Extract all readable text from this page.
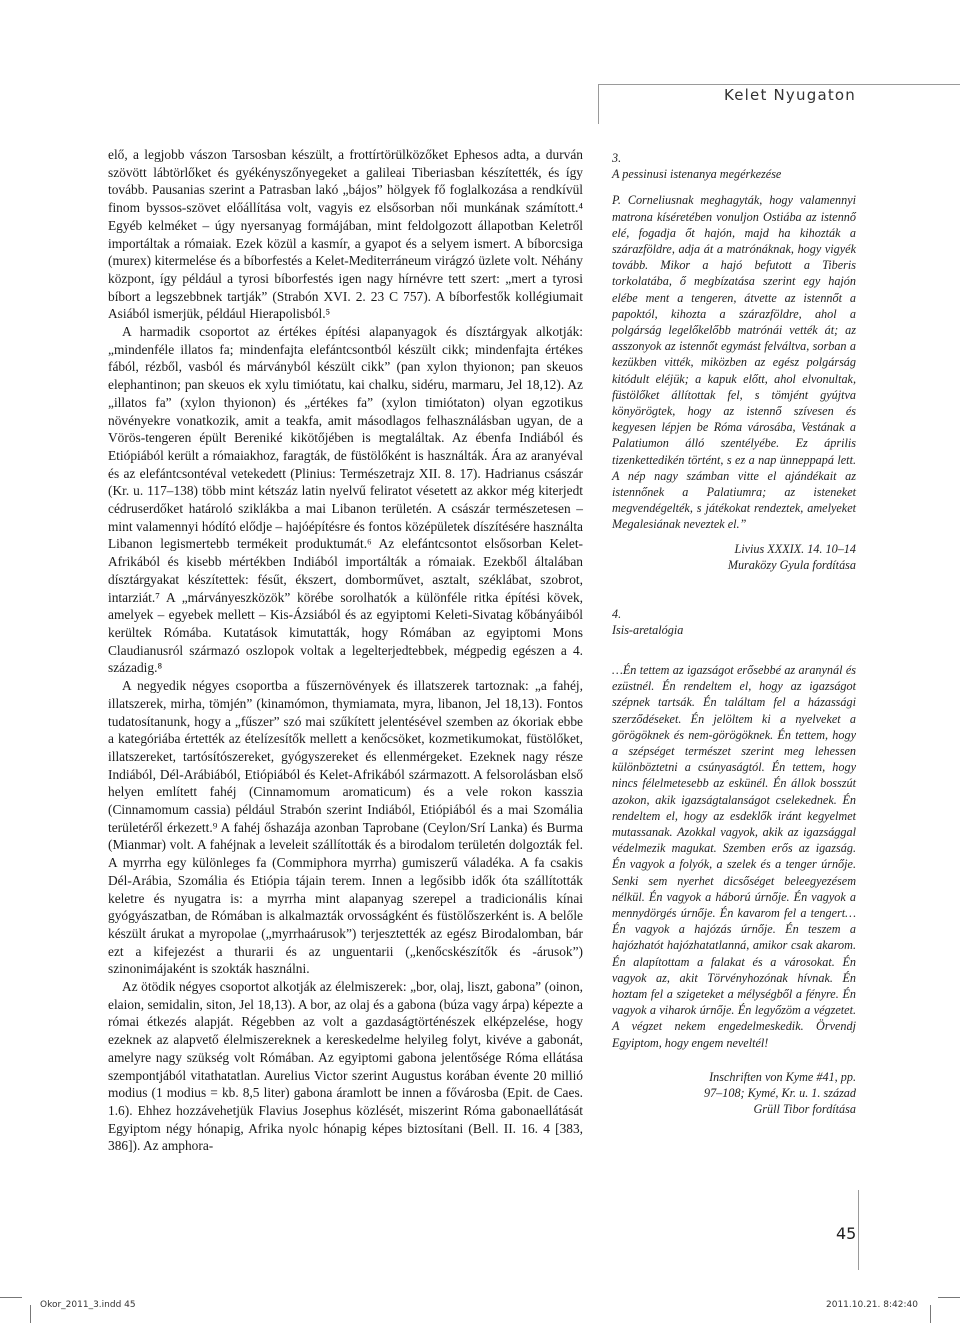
Kelet Nyugaton

elő, a legjobb vászon Tarsosban készült, a frottírtörülközőket Ephesos adta, a durván szövött lábtörlőket és gyékényszőnyegeket a galileai Tiberiasban készítették, és így tovább. Pausanias szerint a Patrasban lakó „bájos” hölgyek fő foglalkozása a rendkívül finom byssos-szövet előállítása volt, vagyis ez elsősorban női munkának számított.⁴ Egyéb kelméket – úgy nyersanyag formájában, mint feldolgozott állapotban Keletről importáltak a rómaiak. Ezek közül a kasmír, a gyapot és a selyem ismert. A bíborcsiga (murex) kitermelése és a bíborfestés a Kelet-Mediterráneum virágzó üzlete volt. Néhány központ, így például a tyrosi bíborfestés igen nagy hírnévre tett szert: „mert a tyrosi bíbort a legszebbnek tartják” (Strabón XVI. 2. 23 C 757). A bíborfestők kollégiumait Asiából ismerjük, például Hierapolisból.⁵

A harmadik csoportot az értékes építési alapanyagok és dísztárgyak alkotják: „mindenféle illatos fa; mindenfajta elefántcsontból készült cikk; mindenfajta értékes fából, rézből, vasból és márványból készült cikk” (pan xylon thyionon; pan skeuos elephantinon; pan skeuos ek xylu timiótatu, kai chalku, sidéru, marmaru, Jel 18,12). Az „illatos fa” (xylon thyionon) és „értékes fa” (xylon timiótaton) olyan egzotikus növényekre vonatkozik, amit a teakfa, amit másodlagos felhasználásban ugyan, de a Vörös-tengeren épült Bereniké kikötőjében is megtaláltak. Az ébenfa Indiából és Etiópiából került a rómaiakhoz, faragták, de füstölőként is használták. Ára az aranyéval és az elefántcsontéval vetekedett (Plinius: Természetrajz XII. 8. 17). Hadrianus császár (Kr. u. 117–138) több mint kétszáz latin nyelvű feliratot vésetett az akkor még kiterjedt cédruserdőket határoló sziklákba a mai Libanon területén. A császár természetesen – mint valamennyi hódító elődje – hajóépítésre és fontos középületek díszítésére használta Libanon legismertebb termékeit produktumát.⁶ Az elefántcsontot elsősorban Kelet-Afrikából és kisebb mértékben Indiából importálták a rómaiak. Ezekből általában dísztárgyakat készítettek: fésűt, ékszert, domborművet, asztalt, széklábat, szobrot, intarziát.⁷ A „márványeszközök” körébe sorolhatók a különféle ritka építési kövek, amelyek – egyebek mellett – Kis-Ázsiából és az egyiptomi Keleti-Sivatag kőbányáiból kerültek Rómába. Kutatások kimutatták, hogy Rómában az egyiptomi Mons Claudianusról származó oszlopok voltak a legelterjedtebbek, mégpedig egészen a 4. századig.⁸

A negyedik négyes csoportba a fűszernövények és illatszerek tartoznak: „a fahéj, illatszerek, mirha, tömjén” (kinamómon, thymiamata, myra, libanon, Jel 18,13). Fontos tudatosítanunk, hogy a „fűszer” szó mai szűkített jelentésével szemben az ókoriak ebbe a kategóriába értették az ételízesítők mellett a kenőcsöket, kozmetikumokat, füstölőket, illatszereket, tartósítószereket, gyógyszereket és ellenmérgeket. Ezeknek nagy része Indiából, Dél-Arábiából, Etiópiából és Kelet-Afrikából származott. A felsorolásban első helyen említett fahéj (Cinnamomum aromaticum) és a vele rokon kasszia (Cinnamomum cassia) például Strabón szerint Indiából, Etiópiából és a mai Szomália területéről érkezett.⁹ A fahéj őshazája azonban Taprobane (Ceylon/Srí Lanka) és Burma (Mianmar) volt. A fahéjnak a leveleit szállították és a birodalom területén dolgozták fel. A myrrha egy különleges fa (Commiphora myrrha) gumiszerű váladéka. A fa csakis Dél-Arábia, Szomália és Etiópia tájain terem. Innen a legősibb idők óta szállították keletre és nyugatra is: a myrrha mint alapanyag szerepel a tradicionális kínai gyógyászatban, de Rómában is alkalmazták orvosságként és füstölőszerként is. A belőle készült árukat a myropolae („myrrhaárusok”) terjesztették az egész Birodalomban, bár ezt a kifejezést a thurarii és az unguentarii („kenőcskészítők és -árusok”) szinonimájaként is szokták használni.

Az ötödik négyes csoportot alkotják az élelmiszerek: „bor, olaj, liszt, gabona” (oinon, elaion, semidalin, siton, Jel 18,13). A bor, az olaj és a gabona (búza vagy árpa) képezte a római étkezés alapját. Régebben az volt a gazdaságtörténészek elképzelése, hogy ezeknek az alapvető élelmiszereknek a kereskedelme helyileg folyt, kivéve a gabonát, amelyre nagy szükség volt Rómában. Az egyiptomi gabona jelentősége Róma ellátása szempontjából vitathatatlan. Aurelius Victor szerint Augustus korában évente 20 millió modius (1 modius = kb. 8,5 liter) gabona áramlott be innen a fővárosba (Epit. de Caes. 1.6). Ehhez hozzávehetjük Flavius Josephus közlését, miszerint Róma gabonaellátását Egyiptom négy hónapig, Afrika nyolc hónapig képes biztosítani (Bell. II. 16. 4 [383, 386]). Az amphora-

3.
A pessinusi istenanya megérkezése
P. Corneliusnak meghagyták, hogy valamennyi matrona kíséretében vonuljon Ostiába az istennő elé, fogadja őt hajón, majd ha kihozták a szárazföldre, adja át a matrónáknak, hogy vigyék tovább. Mikor a hajó befutott a Tiberis torkolatába, ő megbízatása szerint egy hajón elébe ment a tengeren, átvette az istennőt a papoktól, kihozta a szárazföldre, ahol a polgárság legelőkelőbb matrónái vették át; az asszonyok az istennőt egymást felváltva, sorban a kezükben vitték, miközben az egész polgárság kitódult eléjük; a kapuk előtt, ahol elvonultak, füstölőket állítottak fel, s tömjént gyújtva könyörögtek, hogy az istennő szívesen és kegyesen lépjen be Róma városába, Vestának a Palatiumon álló szentélyébe. Ez április tizenkettedikén történt, s ez a nap ünneppapá lett. A nép nagy számban vitte el ajándékait az istennőnek a Palatiumra; az isteneket megvendégelték, s játékokat rendeztek, amelyeket Megalesiának neveztek el.”
Livius XXXIX. 14. 10–14
Muraközy Gyula fordítása
4.
Isis-aretalógia
…Én tettem az igazságot erősebbé az aranynál és ezüstnél. Én rendeltem el, hogy az igazságot szépnek tartsák. Én találtam fel a házassági szerződéseket. Én jelöltem ki a nyelveket a görögöknek és nem-görögöknek. Én tettem, hogy a szépséget természet szerint meg lehessen különböztetni a csúnyaságtól. Én tettem, hogy nincs félelmetesebb az eskünél. Én állok bosszút azokon, akik igazságtalanságot cselekednek. Én rendeltem el, hogy az esdeklők iránt kegyelmet mutassanak. Azokkal vagyok, akik az igazsággal védelmezik magukat. Szemben erős az igazság. Én vagyok a folyók, a szelek és a tenger úrnője. Senki sem nyerhet dicsőséget beleegyezésem nélkül. Én vagyok a háború úrnője. Én vagyok a mennydörgés úrnője. Én kavarom fel a tengert… Én vagyok a hajózás úrnője. Én teszem a hajózhatót hajózhatatlanná, amikor csak akarom. Én alapítottam a falakat és a városokat. Én vagyok az, akit Törvényhozónak hívnak. Én hoztam fel a szigeteket a mélységből a fényre. Én vagyok a viharok úrnője. Én legyőzöm a végzetet. A végzet nekem engedelmeskedik. Örvendj Egyiptom, hogy engem neveltél!
Inschriften von Kyme #41, pp.
97–108; Kymé, Kr. u. 1. század
Grüll Tibor fordítása
45
Okor_2011_3.indd 45	2011.10.21. 8:42:40
